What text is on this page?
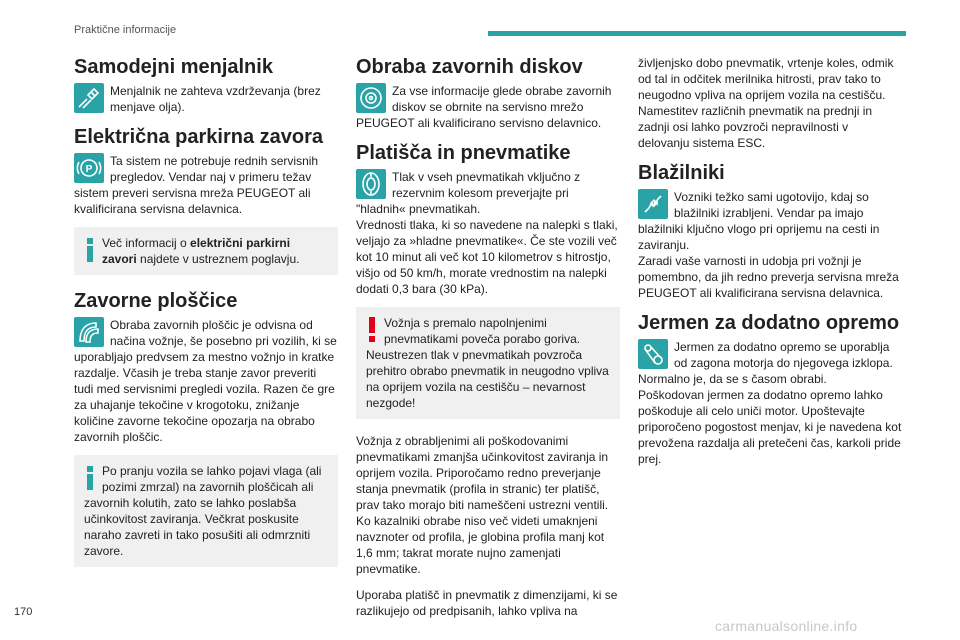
Praktične informacije
Samodejni menjalnik

Menjalnik ne zahteva vzdrževanja (brez menjave olja).

Električna parkirna zavora
P

Ta sistem ne potrebuje rednih servisnih pregledov. Vendar naj v primeru težav sistem preveri servisna mreža PEUGEOT ali kvalificirana servisna delavnica.

Več informacij o električni parkirni zavori najdete v ustreznem poglavju.
Zavorne ploščice

Obraba zavornih ploščic je odvisna od načina vožnje, še posebno pri vozilih, ki se uporabljajo predvsem za mestno vožnjo in kratke razdalje. Včasih je treba stanje zavor preveriti tudi med servisnimi pregledi vozila. Razen če gre za uhajanje tekočine v krogotoku, znižanje količine zavorne tekočine opozarja na obrabo zavornih ploščic.

Po pranju vozila se lahko pojavi vlaga (ali pozimi zmrzal) na zavornih ploščicah ali zavornih kolutih, zato se lahko poslabša učinkovitost zaviranja. Večkrat poskusite naraho zavreti in tako posušiti ali odmrzniti zavore.
Obraba zavornih diskov

Za vse informacije glede obrabe zavornih diskov se obrnite na servisno mrežo PEUGEOT ali kvalificirano servisno delavnico.

Platišča in pnevmatike

Tlak v vseh pnevmatikah vključno z rezervnim kolesom preverjajte pri "hladnih« pnevmatikah.

Vrednosti tlaka, ki so navedene na nalepki s tlaki, veljajo za »hladne pnevmatike«. Če ste vozili več kot 10 minut ali več kot 10 kilometrov s hitrostjo, višjo od 50 km/h, morate vrednostim na nalepki dodati 0,3 bara (30 kPa).

Vožnja s premalo napolnjenimi pnevmatikami poveča porabo goriva. Neustrezen tlak v pnevmatikah povzroča prehitro obrabo pnevmatik in neugodno vpliva na oprijem vozila na cestišču – nevarnost nezgode!

Vožnja z obrabljenimi ali poškodovanimi pnevmatikami zmanjša učinkovitost zaviranja in oprijem vozila. Priporočamo redno preverjanje stanja pnevmatik (profila in stranic) ter platišč, prav tako morajo biti nameščeni ustrezni ventili. Ko kazalniki obrabe niso več videti umaknjeni navznoter od profila, je globina profila manj kot 1,6 mm; takrat morate nujno zamenjati pnevmatike.

Uporaba platišč in pnevmatik z dimenzijami, ki se razlikujejo od predpisanih, lahko vpliva na

življenjsko dobo pnevmatik, vrtenje koles, odmik od tal in odčitek merilnika hitrosti, prav tako to neugodno vpliva na oprijem vozila na cestišču. Namestitev različnih pnevmatik na prednji in zadnji osi lahko povzroči nepravilnosti v delovanju sistema ESC.

Blažilniki

Vozniki težko sami ugotovijo, kdaj so blažilniki izrabljeni. Vendar pa imajo blažilniki ključno vlogo pri oprijemu na cesti in zaviranju.

Zaradi vaše varnosti in udobja pri vožnji je pomembno, da jih redno preverja servisna mreža PEUGEOT ali kvalificirana servisna delavnica.

Jermen za dodatno opremo

Jermen za dodatno opremo se uporablja od zagona motorja do njegovega izklopa. Normalno je, da se s časom obrabi.

Poškodovan jermen za dodatno opremo lahko poškoduje ali celo uniči motor. Upoštevajte priporočeno pogostost menjav, ki je navedena kot prevožena razdalja ali pretečeni čas, karkoli pride prej.

170
carmanualsonline.info
